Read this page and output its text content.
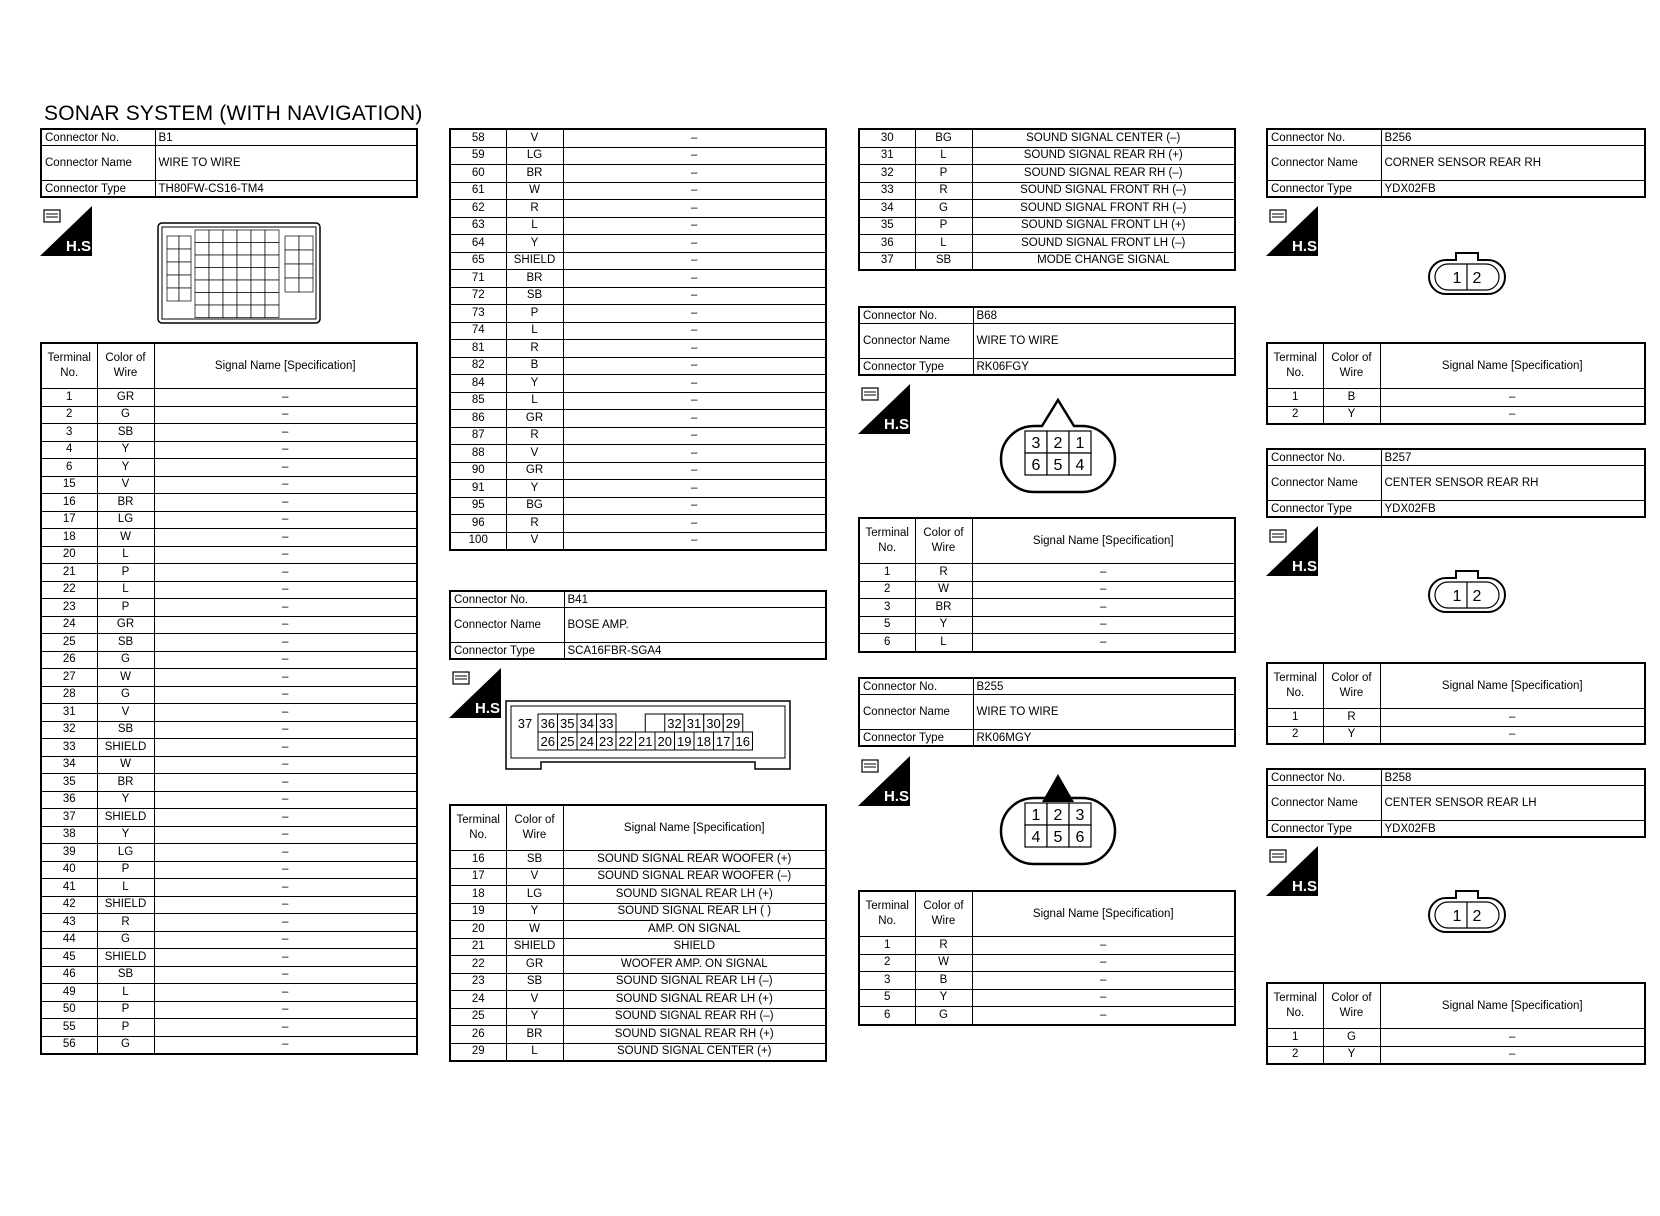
SONAR SYSTEM (WITH NAVIGATION)
Connector No.	B1
Connector Name	WIRE TO WIRE
Connector Type	TH80FW-CS16-TM4
H.S.
Terminal No.	Color of Wire	Signal Name [Specification]
1	GR	–
2	G	–
3	SB	–
4	Y	–
6	Y	–
15	V	–
16	BR	–
17	LG	–
18	W	–
20	L	–
21	P	–
22	L	–
23	P	–
24	GR	–
25	SB	–
26	G	–
27	W	–
28	G	–
31	V	–
32	SB	–
33	SHIELD	–
34	W	–
35	BR	–
36	Y	–
37	SHIELD	–
38	Y	–
39	LG	–
40	P	–
41	L	–
42	SHIELD	–
43	R	–
44	G	–
45	SHIELD	–
46	SB	–
49	L	–
50	P	–
55	P	–
56	G	–
58	V	–
59	LG	–
60	BR	–
61	W	–
62	R	–
63	L	–
64	Y	–
65	SHIELD	–
71	BR	–
72	SB	–
73	P	–
74	L	–
81	R	–
82	B	–
84	Y	–
85	L	–
86	GR	–
87	R	–
88	V	–
90	GR	–
91	Y	–
95	BG	–
96	R	–
100	V	–
Connector No.	B41
Connector Name	BOSE AMP.
Connector Type	SCA16FBR-SGA4
H.S.
37 36 35 34 33	32 31 30 29
26 25 24 23 22 21 20 19 18 17 16
Terminal No.	Color of Wire	Signal Name [Specification]
16	SB	SOUND SIGNAL REAR WOOFER (+)
17	V	SOUND SIGNAL REAR WOOFER (–)
18	LG	SOUND SIGNAL REAR LH (+)
19	Y	SOUND SIGNAL REAR LH ( )
20	W	AMP. ON SIGNAL
21	SHIELD	SHIELD
22	GR	WOOFER AMP. ON SIGNAL
23	SB	SOUND SIGNAL REAR LH (–)
24	V	SOUND SIGNAL REAR LH (+)
25	Y	SOUND SIGNAL REAR RH (–)
26	BR	SOUND SIGNAL REAR RH (+)
29	L	SOUND SIGNAL CENTER (+)
30	BG	SOUND SIGNAL CENTER (–)
31	L	SOUND SIGNAL REAR RH (+)
32	P	SOUND SIGNAL REAR RH (–)
33	R	SOUND SIGNAL FRONT RH (–)
34	G	SOUND SIGNAL FRONT RH (–)
35	P	SOUND SIGNAL FRONT LH (+)
36	L	SOUND SIGNAL FRONT LH (–)
37	SB	MODE CHANGE SIGNAL
Connector No.	B68
Connector Name	WIRE TO WIRE
Connector Type	RK06FGY
H.S.
3 2 1
6 5 4
Terminal No.	Color of Wire	Signal Name [Specification]
1	R	–
2	W	–
3	BR	–
5	Y	–
6	L	–
Connector No.	B255
Connector Name	WIRE TO WIRE
Connector Type	RK06MGY
H.S.
1 2 3
4 5 6
Terminal No.	Color of Wire	Signal Name [Specification]
1	R	–
2	W	–
3	B	–
5	Y	–
6	G	–
Connector No.	B256
Connector Name	CORNER SENSOR REAR RH
Connector Type	YDX02FB
H.S.
1 2
Terminal No.	Color of Wire	Signal Name [Specification]
1	B	–
2	Y	–
Connector No.	B257
Connector Name	CENTER SENSOR REAR RH
Connector Type	YDX02FB
H.S.
1 2
Terminal No.	Color of Wire	Signal Name [Specification]
1	R	–
2	Y	–
Connector No.	B258
Connector Name	CENTER SENSOR REAR LH
Connector Type	YDX02FB
H.S.
1 2
Terminal No.	Color of Wire	Signal Name [Specification]
1	G	–
2	Y	–
